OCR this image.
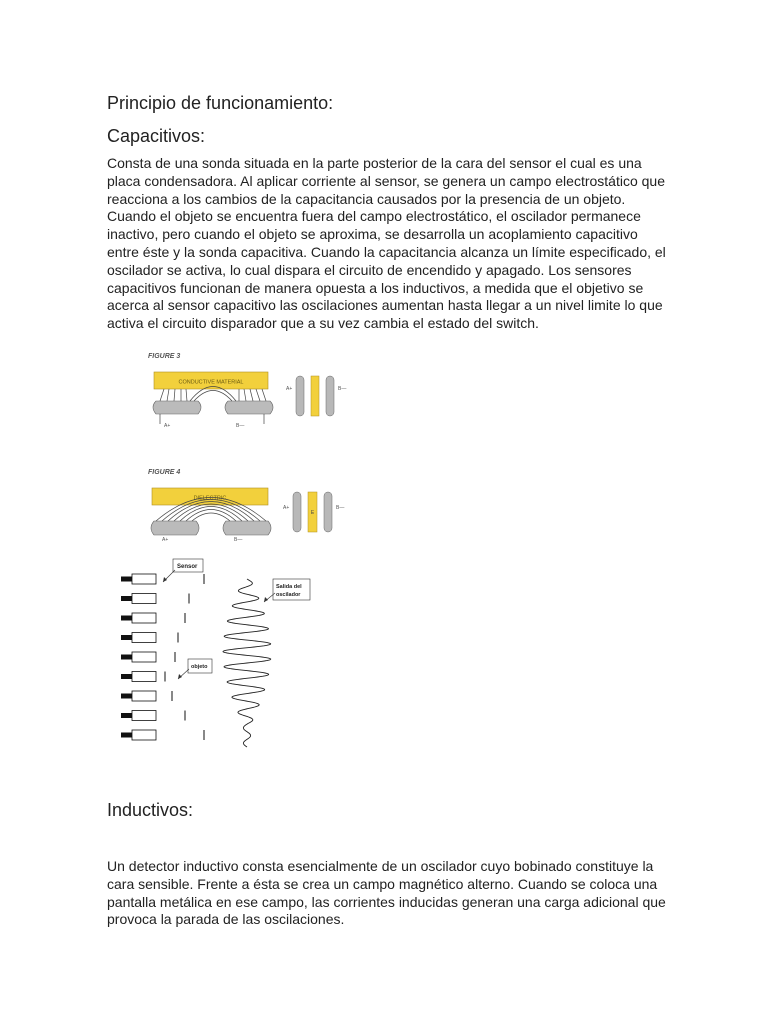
Principio de funcionamiento:
Capacitivos:

Consta de una sonda situada en la parte posterior de la cara del sensor el cual es una placa condensadora. Al aplicar corriente al sensor, se genera un campo electrostático que reacciona a los cambios de la capacitancia causados por la presencia de un objeto. Cuando el objeto se encuentra fuera del campo electrostático, el oscilador permanece inactivo, pero cuando el objeto se aproxima, se desarrolla un acoplamiento capacitivo entre éste y la sonda capacitiva. Cuando la capacitancia alcanza un límite especificado, el oscilador se activa, lo cual dispara el circuito de encendido y apagado. Los sensores capacitivos funcionan de manera opuesta a los inductivos, a medida que el objetivo se acerca al sensor capacitivo las oscilaciones aumentan hasta llegar a un nivel limite lo que activa el circuito disparador que a su vez cambia el estado del switch.

FIGURE 3
CONDUCTIVE MATERIAL
A+	B—
A+	B—
FIGURE 4
DIELECTRIC
A+	B—
A+
E
B—
Sensor
Salida del
oscilador
objeto
Inductivos:

Un detector inductivo consta esencialmente de un oscilador cuyo bobinado constituye la cara sensible. Frente a ésta se crea un campo magnético alterno. Cuando se coloca una pantalla metálica en ese campo, las corrientes inducidas generan una carga adicional que provoca la parada de las oscilaciones.
